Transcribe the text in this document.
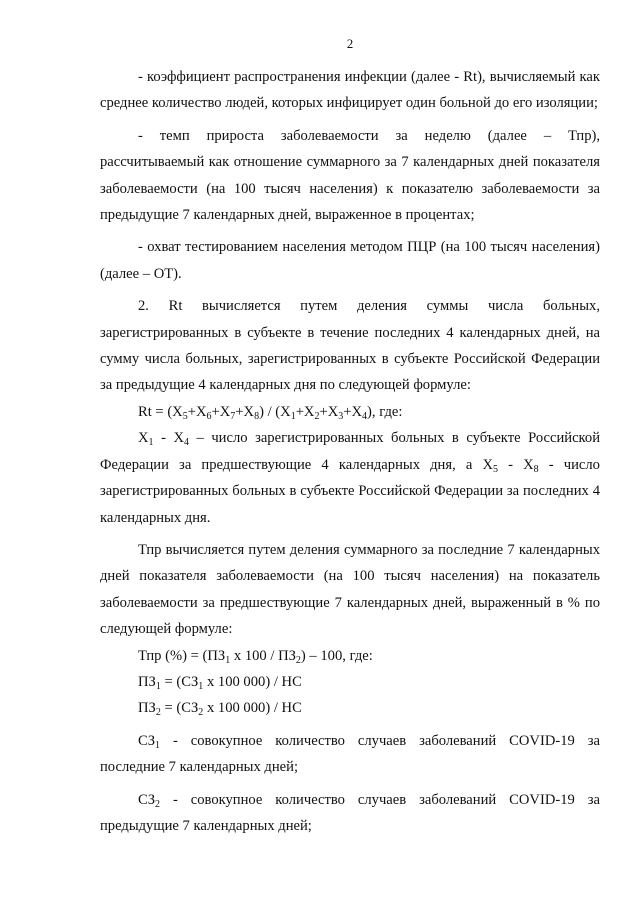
2

- коэффициент распространения инфекции (далее - Rt), вычисляемый как среднее количество людей, которых инфицирует один больной до его изоляции;

- темп прироста заболеваемости за неделю (далее – Тпр), рассчитываемый как отношение суммарного за 7 календарных дней показателя заболеваемости (на 100 тысяч населения) к показателю заболеваемости за предыдущие 7 календарных дней, выраженное в процентах;

- охват тестированием населения методом ПЦР (на 100 тысяч населения) (далее – ОТ).

2. Rt вычисляется путем деления суммы числа больных, зарегистрированных в субъекте в течение последних 4 календарных дней, на сумму числа больных, зарегистрированных в субъекте Российской Федерации за предыдущие 4 календарных дня по следующей формуле:

$Rt = (X_5+X_6+X_7+X_8) / (X_1+X_2+X_3+X_4)$, где:

$X_1 - X_4$ – число зарегистрированных больных в субъекте Российской Федерации за предшествующие 4 календарных дня, а $X_5 - X_8$ - число зарегистрированных больных в субъекте Российской Федерации за последних 4 календарных дня.

Тпр вычисляется путем деления суммарного за последние 7 календарных дней показателя заболеваемости (на 100 тысяч населения) на показатель заболеваемости за предшествующие 7 календарных дней, выраженный в % по следующей формуле:

Тпр (%) = ($ПЗ_1$ х $100 / ПЗ_2) - 100$, где:

$ПЗ_1 = (СЗ_1$ х 100 000) / НС

$ПЗ_2 = (СЗ_2$ х 100 000) / НС

$СЗ_1$ - совокупное количество случаев заболеваний COVID-19 за последние 7 календарных дней;

$СЗ_2$ - совокупное количество случаев заболеваний COVID-19 за предыдущие 7 календарных дней;
